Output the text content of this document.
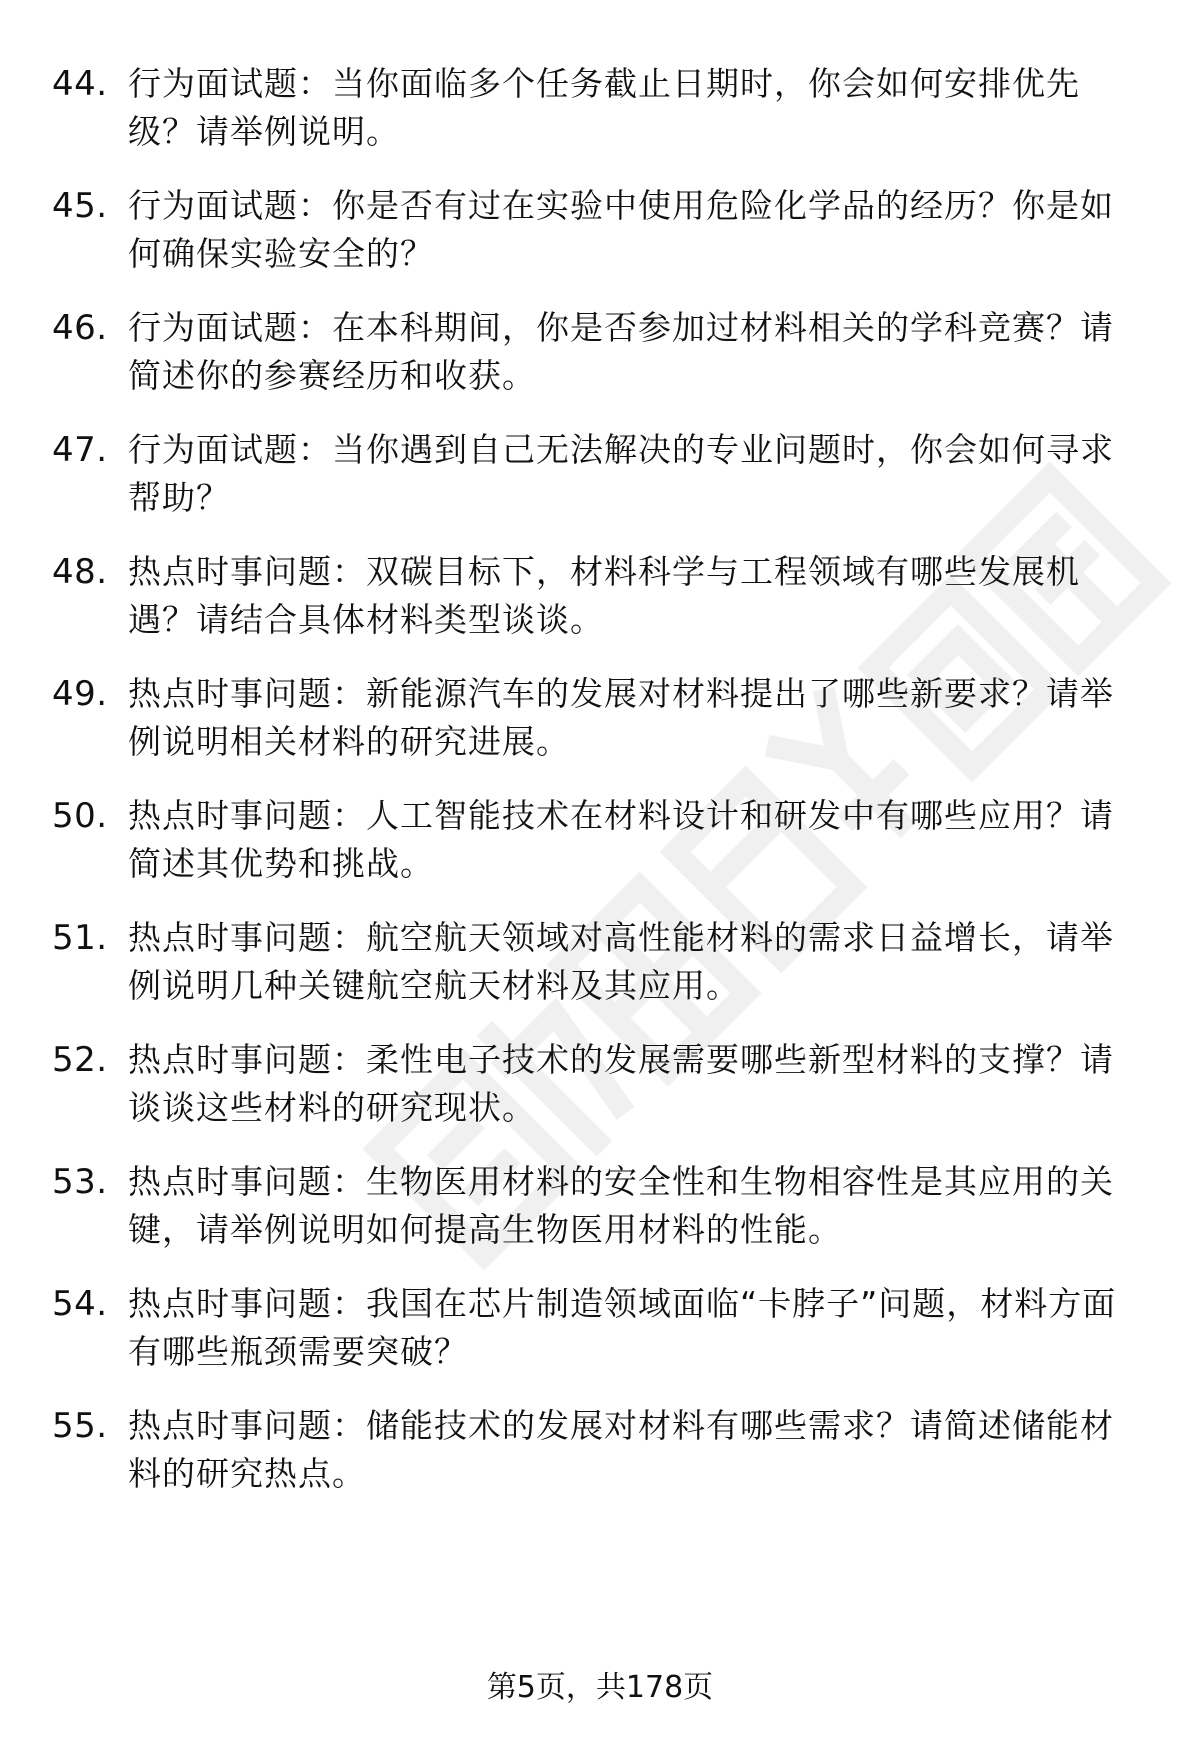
44. 行为面试题：当你面临多个任务截止日期时，你会如何安排优先级？请举例说明。
45. 行为面试题：你是否有过在实验中使用危险化学品的经历？你是如何确保实验安全的？
46. 行为面试题：在本科期间，你是否参加过材料相关的学科竞赛？请简述你的参赛经历和收获。
47. 行为面试题：当你遇到自己无法解决的专业问题时，你会如何寻求帮助？
48. 热点时事问题：双碳目标下，材料科学与工程领域有哪些发展机遇？请结合具体材料类型谈谈。
49. 热点时事问题：新能源汽车的发展对材料提出了哪些新要求？请举例说明相关材料的研究进展。
50. 热点时事问题：人工智能技术在材料设计和研发中有哪些应用？请简述其优势和挑战。
51. 热点时事问题：航空航天领域对高性能材料的需求日益增长，请举例说明几种关键航空航天材料及其应用。
52. 热点时事问题：柔性电子技术的发展需要哪些新型材料的支撑？请谈谈这些材料的研究现状。
53. 热点时事问题：生物医用材料的安全性和生物相容性是其应用的关键，请举例说明如何提高生物医用材料的性能。
54. 热点时事问题：我国在芯片制造领域面临“卡脖子”问题，材料方面有哪些瓶颈需要突破？
55. 热点时事问题：储能技术的发展对材料有哪些需求？请简述储能材料的研究热点。
第5页，共178页
